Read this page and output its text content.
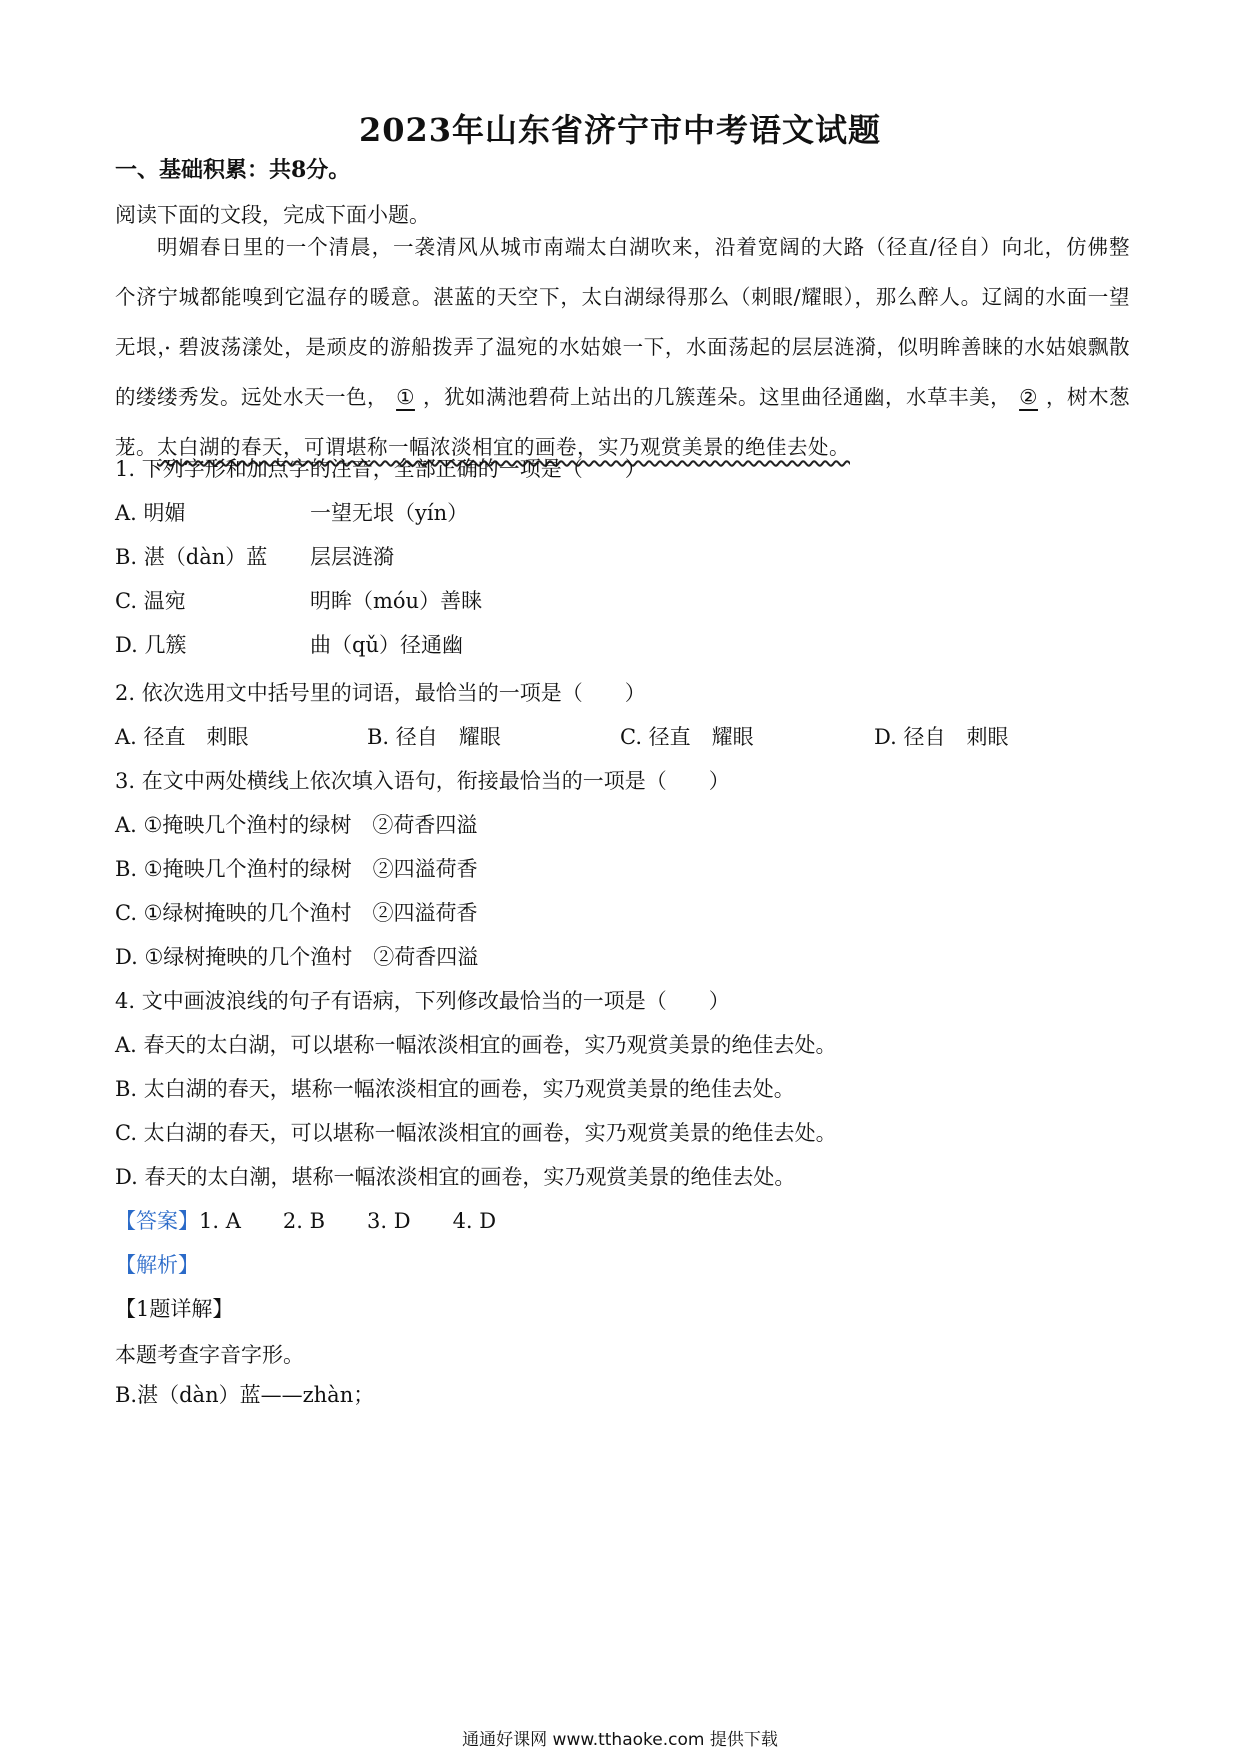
2023年山东省济宁市中考语文试题
一、基础积累：共8分。
阅读下面的文段，完成下面小题。
明媚春日里的一个清晨，一袭清风从城市南端太白湖吹来，沿着宽阔的大路（径直/径自）向北，仿佛整个济宁城都能嗅到它温存的暖意。湛 •蓝的天空下，太白湖绿得那么（刺眼/耀眼），那么醉人。辽阔的水面一望无垠 •，碧波荡漾处，是顽皮的游船拨弄了温宛的水姑娘一下，水面荡起的层层涟漪，似明眸善睐的水姑娘飘散的缕缕秀发。远处水天一色， ① ，犹如满池碧荷上站出的几簇莲朵。这里曲径通幽，水草丰美， ② ，树木葱茏。太白湖的春天，可谓堪称一幅浓淡相宜的画卷，实乃观赏美景的绝佳去处。
1. 下列字形和加点字的注音，全部正确的一项是（　　）
A. 明媚	一望无垠（yín）
B. 湛（dàn）蓝 层层涟漪
C. 温宛	明眸（móu）善睐
D. 几簇	曲（qǔ）径通幽
2. 依次选用文中括号里的词语，最恰当的一项是（　　）
A. 径直　刺眼	B. 径自　耀眼	C. 径直　耀眼	D. 径自　刺眼
3. 在文中两处横线上依次填入语句，衔接最恰当的一项是（　　）
A. ①掩映几个渔村的绿树　②荷香四溢
B. ①掩映几个渔村的绿树　②四溢荷香
C. ①绿树掩映的几个渔村　②四溢荷香
D. ①绿树掩映的几个渔村　②荷香四溢
4. 文中画波浪线的句子有语病，下列修改最恰当的一项是（　　）
A. 春天的太白湖，可以堪称一幅浓淡相宜的画卷，实乃观赏美景的绝佳去处。
B. 太白湖的春天，堪称一幅浓淡相宜的画卷，实乃观赏美景的绝佳去处。
C. 太白湖的春天，可以堪称一幅浓淡相宜的画卷，实乃观赏美景的绝佳去处。
D. 春天的太白潮，堪称一幅浓淡相宜的画卷，实乃观赏美景的绝佳去处。
【答案】1. A　　2. B　　3. D　　4. D
【解析】
【1题详解】
本题考查字音字形。
B.湛（dàn）蓝——zhàn；
通通好课网 www.tthaoke.com 提供下载
